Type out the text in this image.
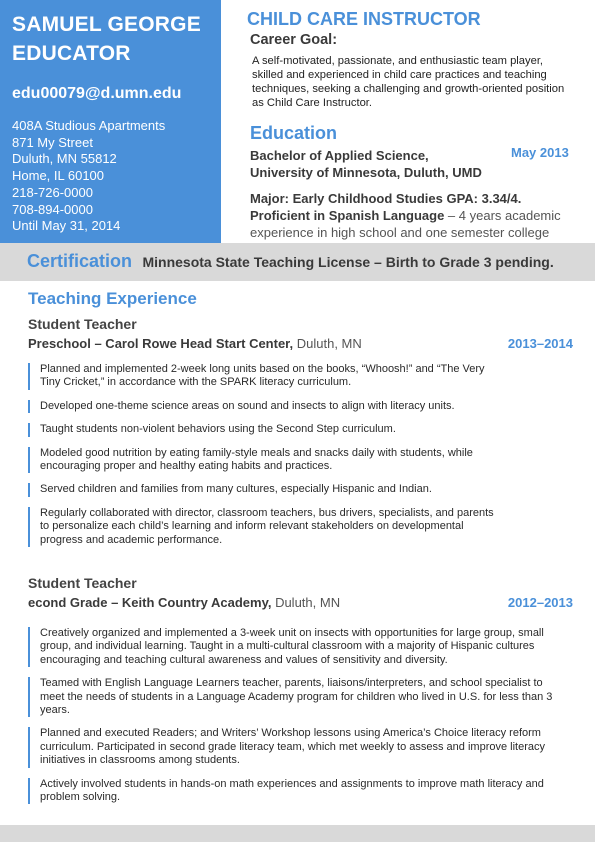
SAMUEL GEORGE
EDUCATOR
edu00079@d.umn.edu
408A Studious Apartments
871 My Street
Duluth, MN 55812
Home, IL 60100
218-726-0000
708-894-0000
Until May 31, 2014
CHILD CARE INSTRUCTOR
Career Goal:
A self-motivated, passionate, and enthusiastic team player, skilled and experienced in child care practices and teaching techniques, seeking a challenging and growth-oriented position as Child Care Instructor.
Education
Bachelor of Applied Science,
University of Minnesota, Duluth, UMD
May 2013
Major: Early Childhood Studies GPA: 3.34/4.
Proficient in Spanish Language – 4 years academic experience in high school and one semester college
Certification Minnesota State Teaching License – Birth to Grade 3 pending.
Teaching Experience
Student Teacher
Preschool – Carol Rowe Head Start Center, Duluth, MN	2013–2014
Planned and implemented 2-week long units based on the books, “Whoosh!” and “The Very Tiny Cricket,” in accordance with the SPARK literacy curriculum.
Developed one-theme science areas on sound and insects to align with literacy units.
Taught students non-violent behaviors using the Second Step curriculum.
Modeled good nutrition by eating family-style meals and snacks daily with students, while encouraging proper and healthy eating habits and practices.
Served children and families from many cultures, especially Hispanic and Indian.
Regularly collaborated with director, classroom teachers, bus drivers, specialists, and parents to personalize each child’s learning and inform relevant stakeholders on developmental progress and academic performance.
Student Teacher
econd Grade – Keith Country Academy, Duluth, MN	2012–2013
Creatively organized and implemented a 3-week unit on insects with opportunities for large group, small group, and individual learning. Taught in a multi-cultural classroom with a majority of Hispanic cultures encouraging and teaching cultural awareness and values of sensitivity and diversity.
Teamed with English Language Learners teacher, parents, liaisons/interpreters, and school specialist to meet the needs of students in a Language Academy program for children who lived in U.S. for less than 3 years.
Planned and executed Readers; and Writers’ Workshop lessons using America’s Choice literacy reform curriculum. Participated in second grade literacy team, which met weekly to assess and improve literacy initiatives in classrooms among students.
Actively involved students in hands-on math experiences and assignments to improve math literacy and problem solving.
